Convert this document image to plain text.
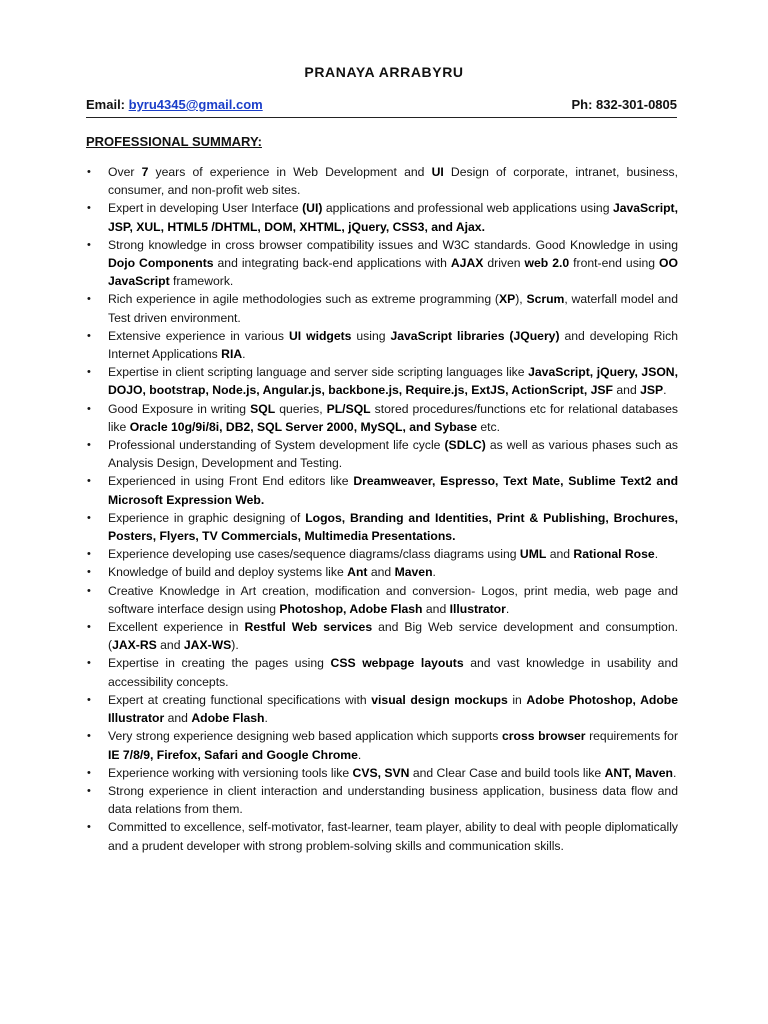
PRANAYA ARRABYRU
Email: byru4345@gmail.com	Ph: 832-301-0805
PROFESSIONAL SUMMARY:
• Over 7 years of experience in Web Development and UI Design of corporate, intranet, business, consumer, and non-profit web sites.
• Expert in developing User Interface (UI) applications and professional web applications using JavaScript, JSP, XUL, HTML5 /DHTML, DOM, XHTML, jQuery, CSS3, and Ajax.
• Strong knowledge in cross browser compatibility issues and W3C standards. Good Knowledge in using Dojo Components and integrating back-end applications with AJAX driven web 2.0 front-end using OO JavaScript framework.
• Rich experience in agile methodologies such as extreme programming (XP), Scrum, waterfall model and Test driven environment.
• Extensive experience in various UI widgets using JavaScript libraries (JQuery) and developing Rich Internet Applications RIA.
• Expertise in client scripting language and server side scripting languages like JavaScript, jQuery, JSON, DOJO, bootstrap, Node.js, Angular.js, backbone.js, Require.js, ExtJS, ActionScript, JSF and JSP.
• Good Exposure in writing SQL queries, PL/SQL stored procedures/functions etc for relational databases like Oracle 10g/9i/8i, DB2, SQL Server 2000, MySQL, and Sybase etc.
• Professional understanding of System development life cycle (SDLC) as well as various phases such as Analysis Design, Development and Testing.
• Experienced in using Front End editors like Dreamweaver, Espresso, Text Mate, Sublime Text2 and Microsoft Expression Web.
• Experience in graphic designing of Logos, Branding and Identities, Print & Publishing, Brochures, Posters, Flyers, TV Commercials, Multimedia Presentations.
• Experience developing use cases/sequence diagrams/class diagrams using UML and Rational Rose.
• Knowledge of build and deploy systems like Ant and Maven.
• Creative Knowledge in Art creation, modification and conversion- Logos, print media, web page and software interface design using Photoshop, Adobe Flash and Illustrator.
• Excellent experience in Restful Web services and Big Web service development and consumption. (JAX-RS and JAX-WS).
• Expertise in creating the pages using CSS webpage layouts and vast knowledge in usability and accessibility concepts.
• Expert at creating functional specifications with visual design mockups in Adobe Photoshop, Adobe Illustrator and Adobe Flash.
• Very strong experience designing web based application which supports cross browser requirements for IE 7/8/9, Firefox, Safari and Google Chrome.
• Experience working with versioning tools like CVS, SVN and Clear Case and build tools like ANT, Maven.
• Strong experience in client interaction and understanding business application, business data flow and data relations from them.
• Committed to excellence, self-motivator, fast-learner, team player, ability to deal with people diplomatically and a prudent developer with strong problem-solving skills and communication skills.
